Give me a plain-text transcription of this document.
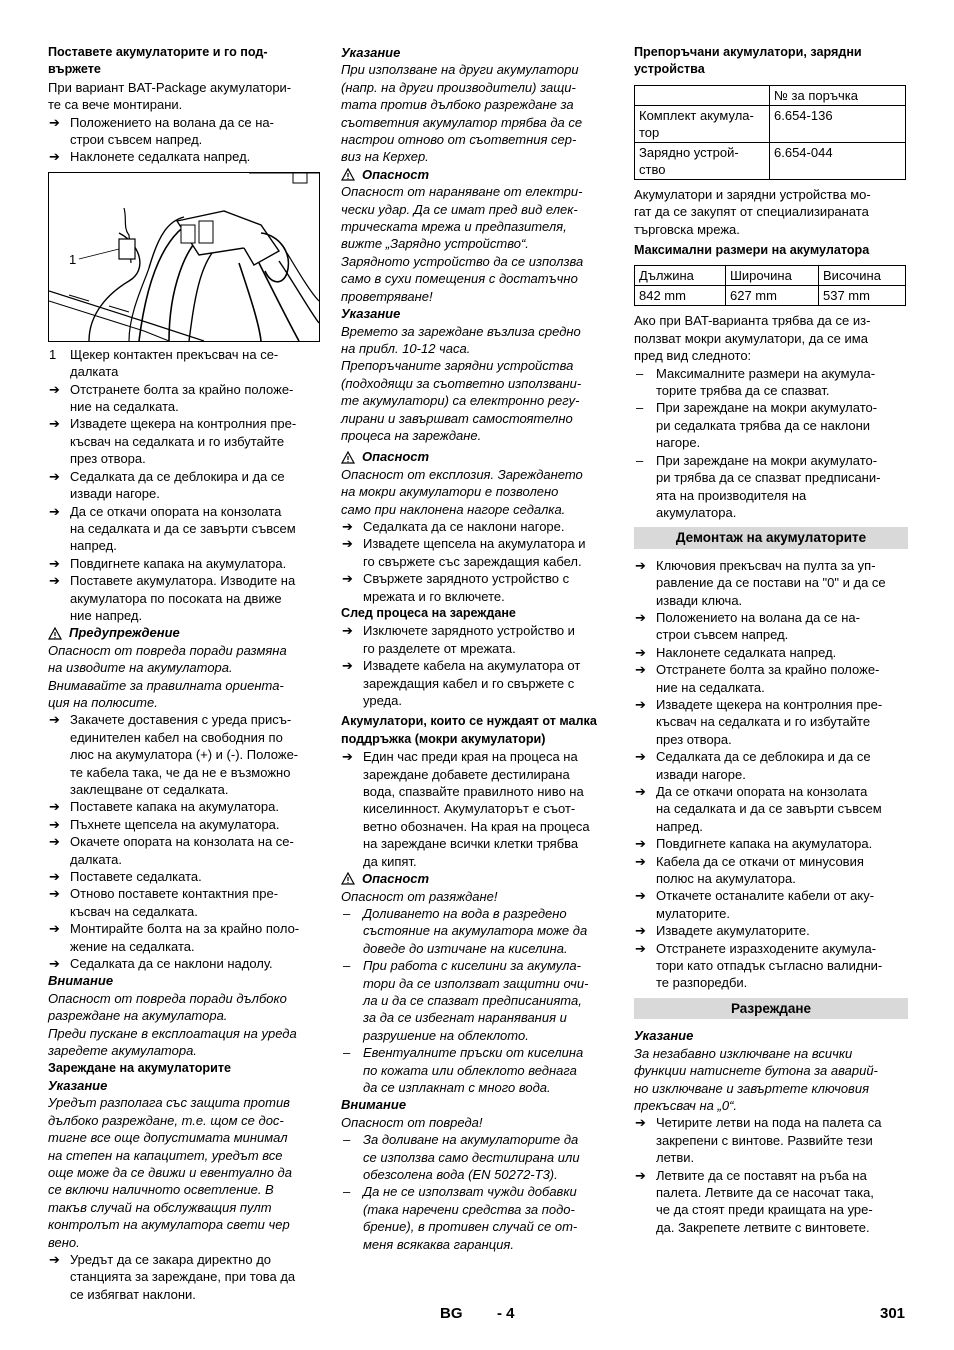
Поставете акумулаторите и го под-
вържете

При вариант BAT-Package акумулатори-
те са вече монтирани.

➔ Положението на волана да се на-
строи съвсем напред.

➔ Наклонете седалката напред.

1
1 Щекер контактен прекъсвач на се-
далката

➔ Отстранете болта за крайно положе-
ние на седалката.

➔ Извадете щекера на контролния пре-
късвач на седалката и го избутайте
през отвора.

➔ Седалката да се деблокира и да се
извади нагоре.

➔ Да се откачи опората на конзолата
на седалката и да се завърти съвсем
напред.

➔ Повдигнете капака на акумулатора.

➔ Поставете акумулатора. Изводите на
акумулатора по посоката на движе
ние напред.

Предупреждение

Опасност от повреда поради размяна
на изводите на акумулатора.
Внимавайте за правилната ориента-
ция на полюсите.

➔ Закачете доставения с уреда присъ-
единителен кабел на свободния по
люс на акумулатора (+) и (-). Положе-
те кабела така, че да не е възможно
заклещване от седалката.

➔ Поставете капака на акумулатора.

➔ Пъхнете щепсела на акумулатора.

➔ Окачете опората на конзолата на се-
далката.

➔ Поставете седалката.

➔ Отново поставете контактния пре-
късвач на седалката.

➔ Монтирайте болта на за крайно поло-
жение на седалката.

➔ Седалката да се наклони надолу.

Внимание

Опасност от повреда поради дълбоко
разреждане на акумулатора.
Преди пускане в експлоатация на уреда
заредете акумулатора.

Зареждане на акумулаторите

Указание

Уредът разполага със защита против
дълбоко разреждане, т.е. щом се дос-
тигне все още допустимата минимал
на степен на капацитет, уредът все
още може да се движи и евентуално да
се включи наличното осветление. В
такъв случай на обслужващия пулт
контролът на акумулатора свети чер
вено.

➔ Уредът да се закара директно до
станцията за зареждане, при това да
се избягват наклони.

Указание

При използване на други акумулатори
(напр. на други производители) защи-
тата против дълбоко разреждане за
съответния акумулатор трябва да се
настрои отново от съответния сер-
виз на Керхер.

Опасност

Опасност от нараняване от електри-
чески удар. Да се имат пред вид елек-
трическата мрежа и предпазителя,
вижте „Зарядно устройство“.
Зарядното устройство да се използва
само в сухи помещения с достатъчно
проветряване!

Указание

Времето за зареждане възлиза средно
на прибл. 10-12 часа.
Препоръчаните зарядни устройства
(подходящи за съответно използвани-
те акумулатори) са електронно регу-
лирани и завършват самостоятелно
процеса на зареждане.

Опасност

Опасност от експлозия. Зареждането
на мокри акумулатори е позволено
само при наклонена нагоре седалка.

➔ Седалката да се наклони нагоре.

➔ Извадете щепсела на акумулатора и
го свържете със зареждащия кабел.

➔ Свържете зарядното устройство с
мрежата и го включете.

След процеса на зареждане

➔ Изключете зарядното устройство и
го разделете от мрежата.

➔ Извадете кабела на акумулатора от
зареждащия кабел и го свържете с
уреда.

Акумулатори, които се нуждаят от малка
поддръжка (мокри акумулатори)

➔ Един час преди края на процеса на
зареждане добавете дестилирана
вода, спазвайте правилното ниво на
киселинност. Акумулаторът е съот-
ветно обозначен. На края на процеса
на зареждане всички клетки трябва
да кипят.

Опасност

Опасност от разяждане!

– Доливането на вода в разредено
състояние на акумулатора може да
доведе до изтичане на киселина.

– При работа с киселини за акумула-
тори да се използват защитни очи-
ла и да се спазват предписанията,
за да се избегнат наранявания и
разрушение на облеклото.

– Евентуалните пръски от киселина
по кожата или облеклото веднага
да се изплакнат с много вода.

Внимание

Опасност от повреда!

– За доливане на акумулаторите да
се използва само дестилирана или
обезсолена вода (EN 50272-T3).

– Да не се използват чужди добавки
(така наречени средства за подо-
брение), в противен случай се от-
меня всякаква гаранция.

Препоръчани акумулатори, зарядни
устройства

	№ за поръчка
Комплект акумула-
тор	6.654-136
Зарядно устрой-
ство	6.654-044

Акумулатори и зарядни устройства мо-
гат да се закупят от специализираната
търговска мрежа.

Максимални размери на акумулатора

Дължина	Широчина	Височина
842 mm	627 mm	537 mm

Ако при BAT-варианта трябва да се из-
ползват мокри акумулатори, да се има
пред вид следното:

– Максималните размери на акумула-
торите трябва да се спазват.

– При зареждане на мокри акумулато-
ри седалката трябва да се наклони
нагоре.

– При зареждане на мокри акумулато-
ри трябва да се спазват предписани-
ята на производителя на
акумулатора.

Демонтаж на акумулаторите

➔ Ключовия прекъсвач на пулта за уп-
равление да се постави на "0" и да се
извади ключа.

➔ Положението на волана да се на-
строи съвсем напред.

➔ Наклонете седалката напред.

➔ Отстранете болта за крайно положе-
ние на седалката.

➔ Извадете щекера на контролния пре-
късвач на седалката и го избутайте
през отвора.

➔ Седалката да се деблокира и да се
извади нагоре.

➔ Да се откачи опората на конзолата
на седалката и да се завърти съвсем
напред.

➔ Повдигнете капака на акумулатора.

➔ Кабела да се откачи от минусовия
полюс на акумулатора.

➔ Откачете останалите кабели от аку-
мулаторите.

➔ Извадете акумулаторите.

➔ Отстранете изразходените акумула-
тори като отпадък съгласно валидни-
те разпоредби.

Разреждане

Указание

За незабавно изключване на всички
функции натиснете бутона за аварий-
но изключване и завъртете ключовия
прекъсвач на „0“.

➔ Четирите летви на пода на палета са
закрепени с винтове. Развийте тези
летви.

➔ Летвите да се поставят на ръба на
палета. Летвите да се насочат така,
че да стоят преди краищата на уре-
да. Закрепете летвите с винтовете.

BG - 4	301
